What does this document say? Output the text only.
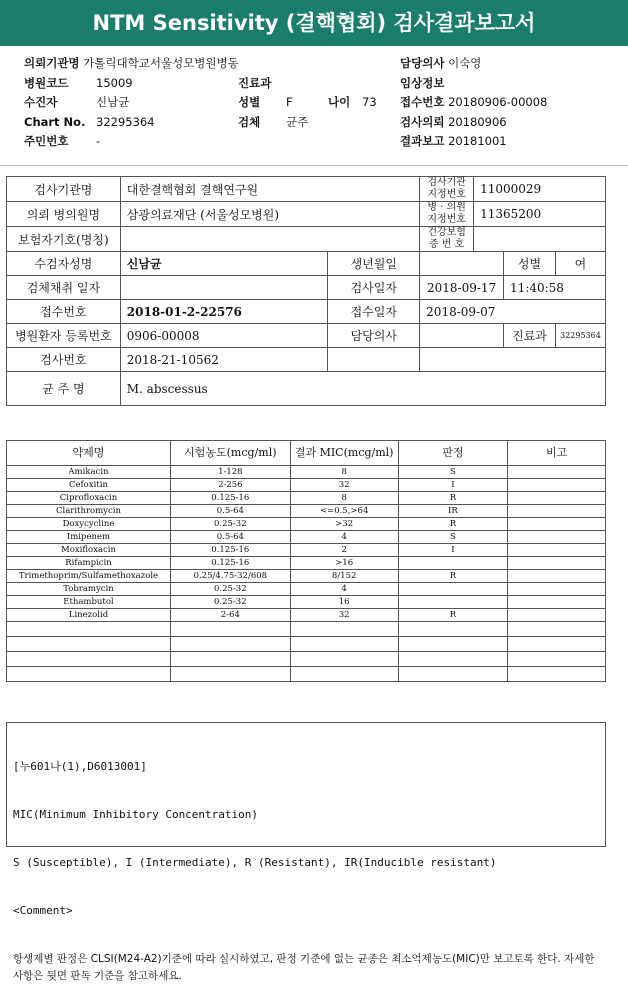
NTM Sensitivity (결핵협회) 검사결과보고서
의뢰기관명 가톨릭대학교서울성모병원병동	담당의사 이숙영
병원코드 15009	진료과	임상정보
수진자	신남균	성별 F	나이 73 접수번호 20180906-00008
Chart No. 32295364	검체 균주	검사의뢰 20180906
주민번호 -	결과보고 20181001
검사기관명	대한결핵협회 결핵연구원		검사기관 지정번호	11000029		
의뢰 병의원명	삼광의료재단 (서울성모병원)		병 · 의원 지정번호	11365200		
보험자기호(명칭)			건강보험 증 번 호			
수검자성명	신남균	생년월일			성별	여
검체채취 일자		검사일자	2018-09-17		11:40:58	
접수번호	2018-01-2-22576	접수일자	2018-09-07			
병원환자 등록번호	0906-00008	담당의사			진료과	32295364
검사번호	2018-21-10562					
균 주 명	M. abscessus					
약제명	시험농도(mcg/ml)	결과 MIC(mcg/ml)	판정	비고
Amikacin	1-128	8	S	
Cefoxitin	2-256	32	I	
Ciprofloxacin	0.125-16	8	R	
Clarithromycin	0.5-64	<=0.5,>64	IR	
Doxycycline	0.25-32	>32	R	
Imipenem	0.5-64	4	S	
Moxifloxacin	0.125-16	2	I	
Rifampicin	0.125-16	>16		
Trimethoprim/Sulfamethoxazole	0.25/4.75-32/608	8/152	R	
Tobramycin	0.25-32	4		
Ethambutol	0.25-32	16		
Linezolid	2-64	32	R	

[누601나(1),D6013001]

MIC(Minimum Inhibitory Concentration)

S (Susceptible), I (Intermediate), R (Resistant), IR(Inducible resistant)

<Comment>

항생제별 판정은 CLSI(M24-A2)기준에 따라 실시하였고, 판정 기준에 없는 균종은 최소억제농도(MIC)만 보고토록 한다. 자세한 사항은 뒷면 판독 기준을 참고하세요.
